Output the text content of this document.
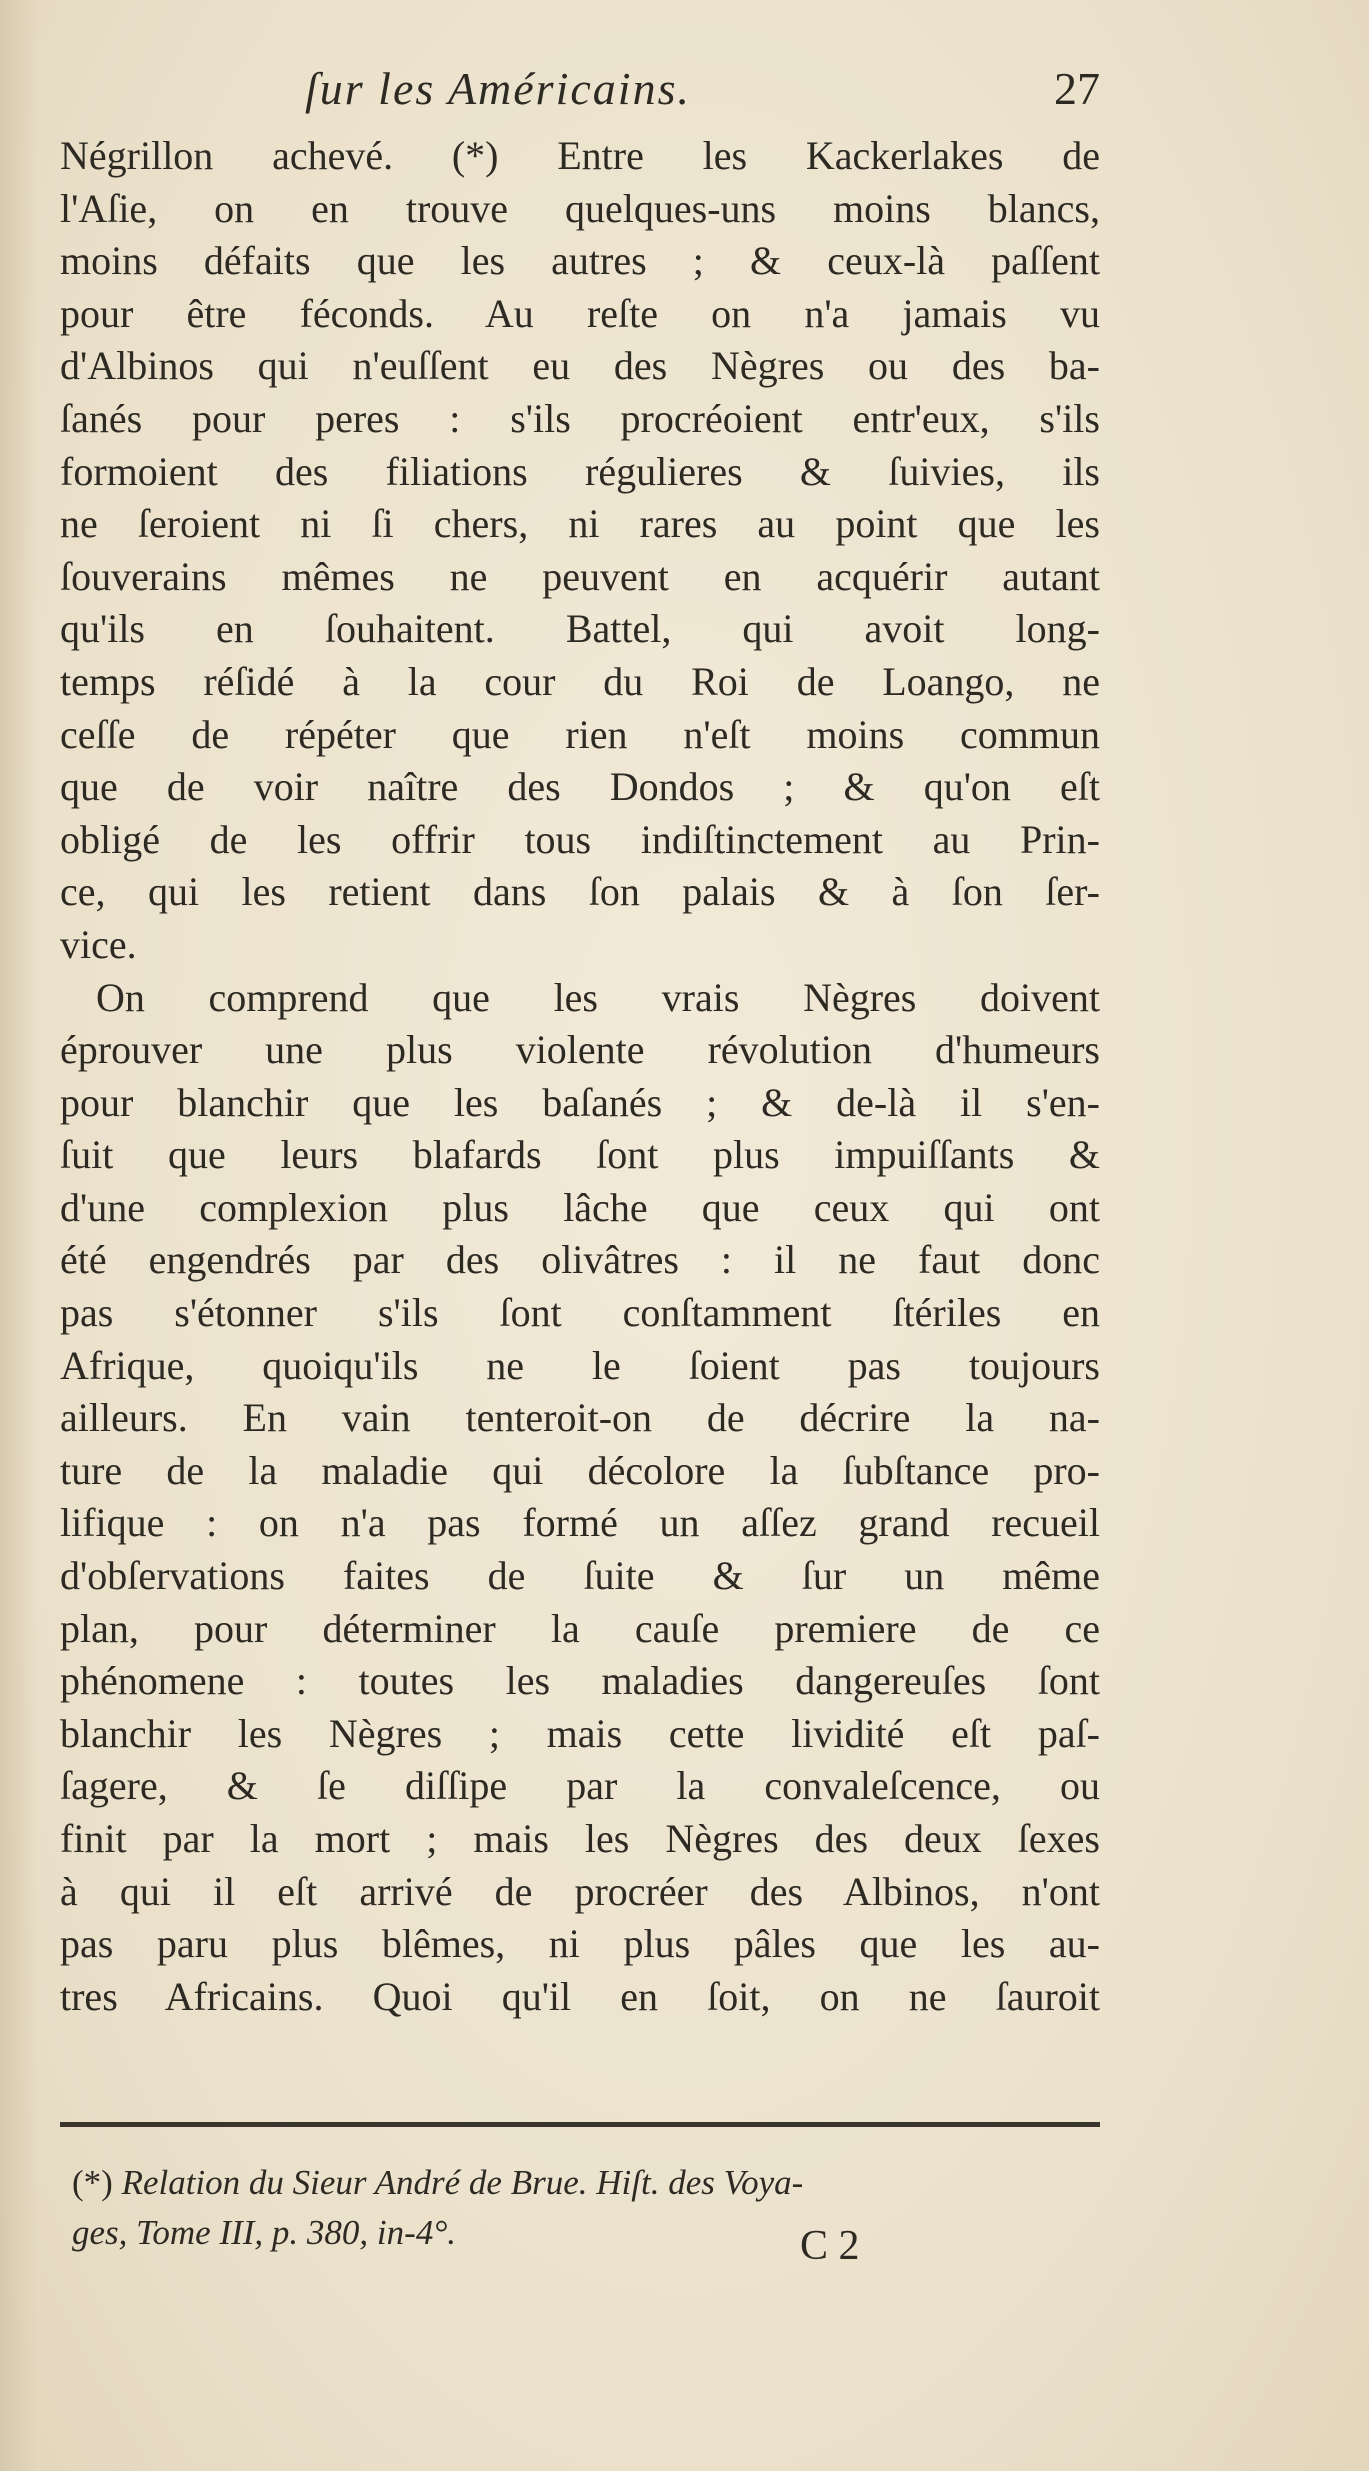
ſur les Américains.	27
Négrillon achevé. (*) Entre les Kackerlakes de
l'Aſie, on en trouve quelques-uns moins blancs,
moins défaits que les autres ; & ceux-là paſſent
pour être féconds. Au reſte on n'a jamais vu
d'Albinos qui n'euſſent eu des Nègres ou des ba-
ſanés pour peres : s'ils procréoient entr'eux, s'ils
formoient des filiations régulieres & ſuivies, ils
ne ſeroient ni ſi chers, ni rares au point que les
ſouverains mêmes ne peuvent en acquérir autant
qu'ils en ſouhaitent. Battel, qui avoit long-
temps réſidé à la cour du Roi de Loango, ne
ceſſe de répéter que rien n'eſt moins commun
que de voir naître des Dondos ; & qu'on eſt
obligé de les offrir tous indiſtinctement au Prin-
ce, qui les retient dans ſon palais & à ſon ſer-
vice.
On comprend que les vrais Nègres doivent
éprouver une plus violente révolution d'humeurs
pour blanchir que les baſanés ; & de-là il s'en-
ſuit que leurs blafards ſont plus impuiſſants &
d'une complexion plus lâche que ceux qui ont
été engendrés par des olivâtres : il ne faut donc
pas s'étonner s'ils ſont conſtamment ſtériles en
Afrique, quoiqu'ils ne le ſoient pas toujours
ailleurs. En vain tenteroit-on de décrire la na-
ture de la maladie qui décolore la ſubſtance pro-
lifique : on n'a pas formé un aſſez grand recueil
d'obſervations faites de ſuite & ſur un même
plan, pour déterminer la cauſe premiere de ce
phénomene : toutes les maladies dangereuſes ſont
blanchir les Nègres ; mais cette lividité eſt paſ-
ſagere, & ſe diſſipe par la convaleſcence, ou
finit par la mort ; mais les Nègres des deux ſexes
à qui il eſt arrivé de procréer des Albinos, n'ont
pas paru plus blêmes, ni plus pâles que les au-
tres Africains. Quoi qu'il en ſoit, on ne ſauroit
(*) Relation du Sieur André de Brue. Hiſt. des Voya-
ges, Tome III, p. 380, in-4°.	C 2
